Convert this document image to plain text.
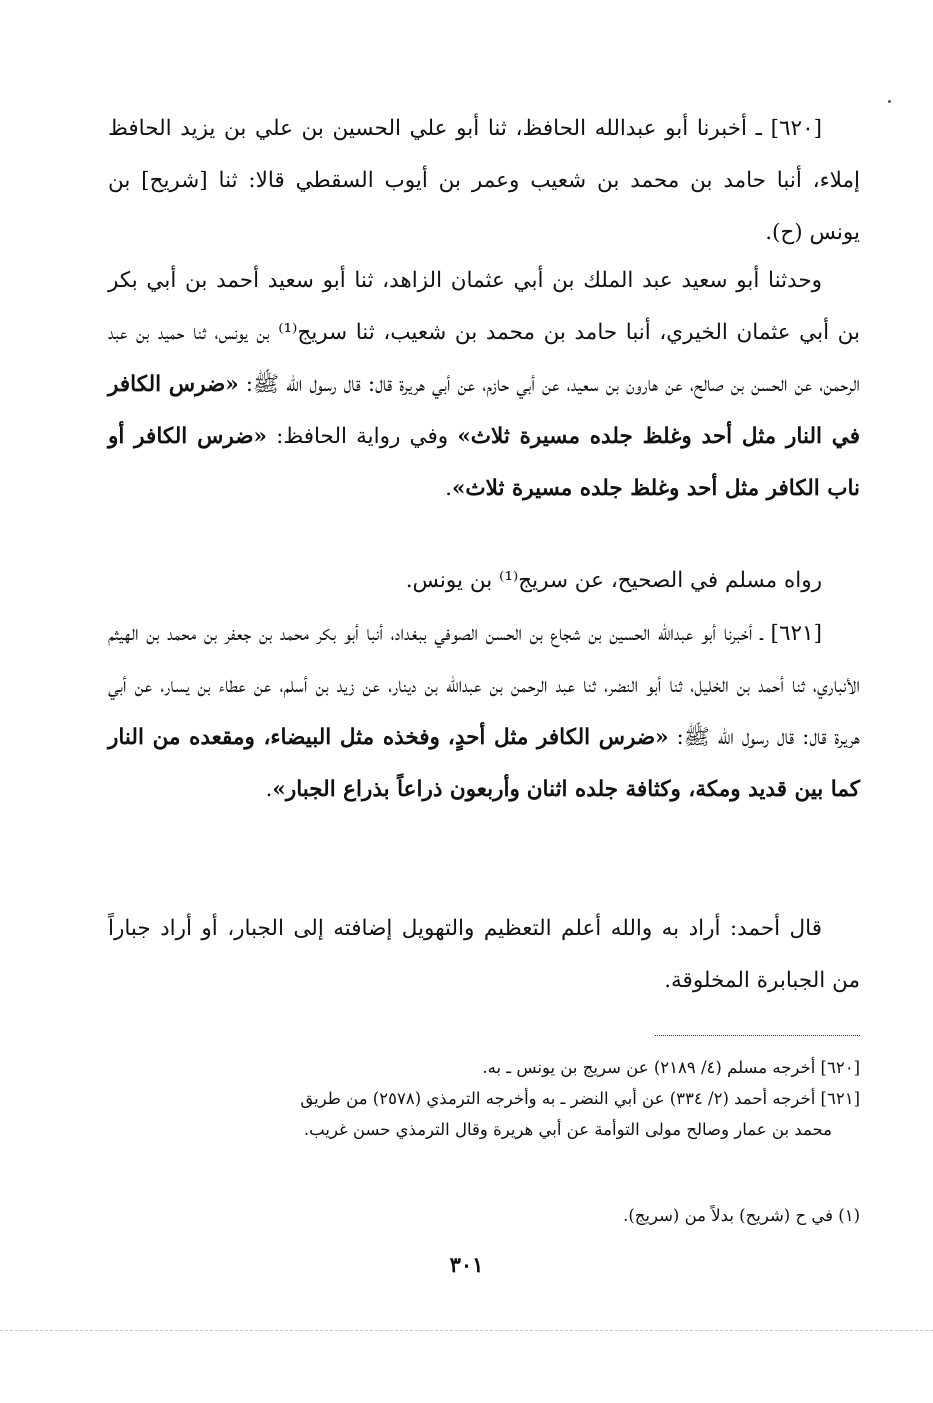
[٦٢٠] ـ أخبرنا أبو عبدالله الحافظ، ثنا أبو علي الحسين بن علي بن يزيد الحافظ إملاء، أنبا حامد بن محمد بن شعيب وعمر بن أيوب السقطي قالا: ثنا [شريح] بن يونس (ح).
وحدثنا أبو سعيد عبد الملك بن أبي عثمان الزاهد، ثنا أبو سعيد أحمد بن أبي بكر بن أبي عثمان الخيري، أنبا حامد بن محمد بن شعيب، ثنا سريج⁽¹⁾ بن يونس، ثنا حميد بن عبد الرحمن، عن الحسن بن صالح، عن هارون بن سعيد، عن أبي حازم، عن أبي هريرة قال: قال رسول الله ﷺ: «ضرس الكافر في النار مثل أحد وغلظ جلده مسيرة ثلاث» وفي رواية الحافظ: «ضرس الكافر أو ناب الكافر مثل أحد وغلظ جلده مسيرة ثلاث».
رواه مسلم في الصحيح، عن سريج⁽¹⁾ بن يونس.
[٦٢١] ـ أخبرنا أبو عبدالله الحسين بن شجاع بن الحسن الصوفي ببغداد، أنبا أبو بكر محمد بن جعفر بن محمد بن الهيثم الأنباري، ثنا أحمد بن الخليل، ثنا أبو النضر، ثنا عبد الرحمن بن عبدالله بن دينار، عن زيد بن أسلم، عن عطاء بن يسار، عن أبي هريرة قال: قال رسول الله ﷺ: «ضرس الكافر مثل أحدٍ، وفخذه مثل البيضاء، ومقعده من النار كما بين قديد ومكة، وكثافة جلده اثنان وأربعون ذراعاً بذراع الجبار».
قال أحمد: أراد به والله أعلم التعظيم والتهويل إضافته إلى الجبار، أو أراد جباراً من الجبابرة المخلوقة.
[٦٢٠] أخرجه مسلم (٤/ ٢١٨٩) عن سريج بن يونس ـ به.
[٦٢١] أخرجه أحمد (٢/ ٣٣٤) عن أبي النضر ـ به وأخرجه الترمذي (٢٥٧٨) من طريق
محمد بن عمار وصالح مولى التوأمة عن أبي هريرة وقال الترمذي حسن غريب.
(١) في ح (شريح) بدلاً من (سريج).
٣٠١
